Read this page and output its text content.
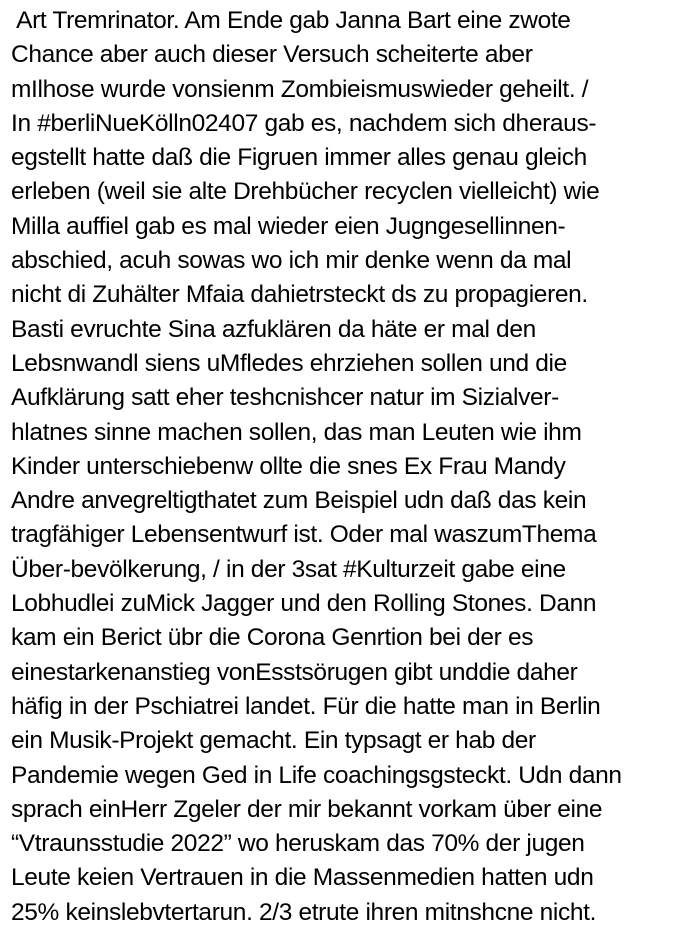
Art Tremrinator. Am Ende gab Janna Bart eine zwote
Chance aber auch dieser Versuch scheiterte aber
mIlhose wurde vonsienm Zombieismuswieder geheilt. /
In #berliNueKölln02407 gab es, nachdem sich dheraus-
egstellt hatte daß die Figruen immer alles genau gleich
erleben (weil sie alte Drehbücher recyclen vielleicht) wie
Milla auffiel gab es mal wieder eien Jugngesellinnen-
abschied, acuh sowas wo ich mir denke wenn da mal
nicht di Zuhälter Mfaia dahietrsteckt ds zu propagieren.
Basti evruchte Sina azfuklären da häte er mal den
Lebsnwandl siens uMfledes ehrziehen sollen und die
Aufklärung satt eher teshcnishcer natur im Sizialver-
hlatnes sinne machen sollen, das man Leuten wie ihm
Kinder unterschiebenw ollte die snes Ex Frau Mandy
Andre anvegreltigthatet zum Beispiel udn daß das kein
tragfähiger Lebensentwurf ist. Oder mal waszumThema
Über-bevölkerung, / in der 3sat #Kulturzeit gabe eine
Lobhudlei zuMick Jagger und den Rolling Stones. Dann
kam ein Berict übr die Corona Genrtion bei der es
einestarkenanstieg vonEsstsörugen gibt unddie daher
häfig in der Pschiatrei landet. Für die hatte man in Berlin
ein Musik-Projekt gemacht. Ein typsagt er hab der
Pandemie wegen Ged in Life coachingsgsteckt. Udn dann
sprach einHerr Zgeler der mir bekannt vorkam über eine
“Vtraunsstudie 2022” wo heruskam das 70% der jugen
Leute keien Vertrauen in die Massenmedien hatten udn
25% keinslebvtertarun. 2/3 etrute ihren mitnshcne nicht.
